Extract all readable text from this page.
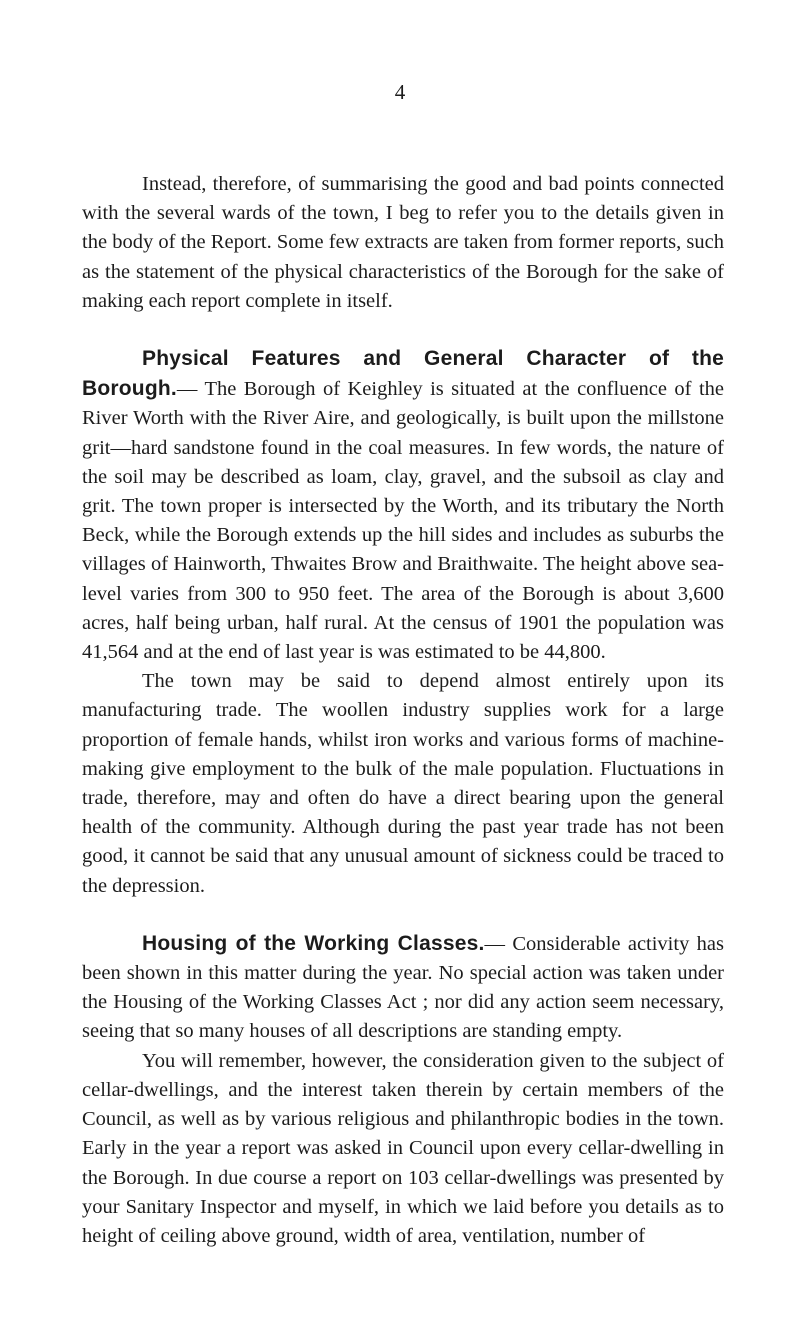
4

Instead, therefore, of summarising the good and bad points connected with the several wards of the town, I beg to refer you to the details given in the body of the Report. Some few extracts are taken from former reports, such as the statement of the physical characteristics of the Borough for the sake of making each report complete in itself.

Physical Features and General Character of the Borough.— The Borough of Keighley is situated at the confluence of the River Worth with the River Aire, and geologically, is built upon the millstone grit—hard sandstone found in the coal measures. In few words, the nature of the soil may be described as loam, clay, gravel, and the subsoil as clay and grit. The town proper is intersected by the Worth, and its tributary the North Beck, while the Borough extends up the hill sides and includes as suburbs the villages of Hainworth, Thwaites Brow and Braithwaite. The height above sea-level varies from 300 to 950 feet. The area of the Borough is about 3,600 acres, half being urban, half rural. At the census of 1901 the population was 41,564 and at the end of last year is was estimated to be 44,800.

The town may be said to depend almost entirely upon its manufacturing trade. The woollen industry supplies work for a large proportion of female hands, whilst iron works and various forms of machine-making give employment to the bulk of the male population. Fluctuations in trade, therefore, may and often do have a direct bearing upon the general health of the community. Although during the past year trade has not been good, it cannot be said that any unusual amount of sickness could be traced to the depression.

Housing of the Working Classes.— Considerable activity has been shown in this matter during the year. No special action was taken under the Housing of the Working Classes Act ; nor did any action seem necessary, seeing that so many houses of all descriptions are standing empty.

You will remember, however, the consideration given to the subject of cellar-dwellings, and the interest taken therein by certain members of the Council, as well as by various religious and philanthropic bodies in the town. Early in the year a report was asked in Council upon every cellar-dwelling in the Borough. In due course a report on 103 cellar-dwellings was presented by your Sanitary Inspector and myself, in which we laid before you details as to height of ceiling above ground, width of area, ventilation, number of
